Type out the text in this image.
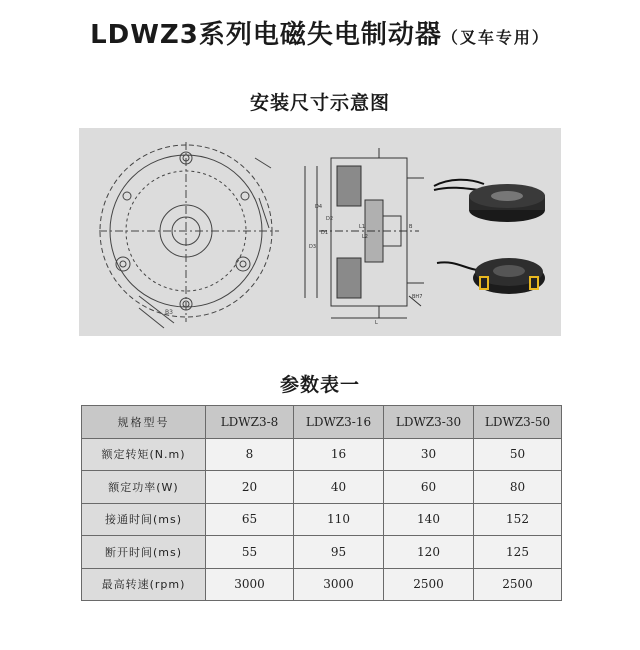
LDWZ3系列电磁失电制动器（叉车专用）
安装尺寸示意图
B3
D1
D2
D3
D4
L
L1
L2
B
BH7
参数表一
规格型号	LDWZ3-8	LDWZ3-16	LDWZ3-30	LDWZ3-50
额定转矩(N.m)	8	16	30	50
额定功率(W)	20	40	60	80
接通时间(ms)	65	110	140	152
断开时间(ms)	55	95	120	125
最高转速(rpm)	3000	3000	2500	2500
